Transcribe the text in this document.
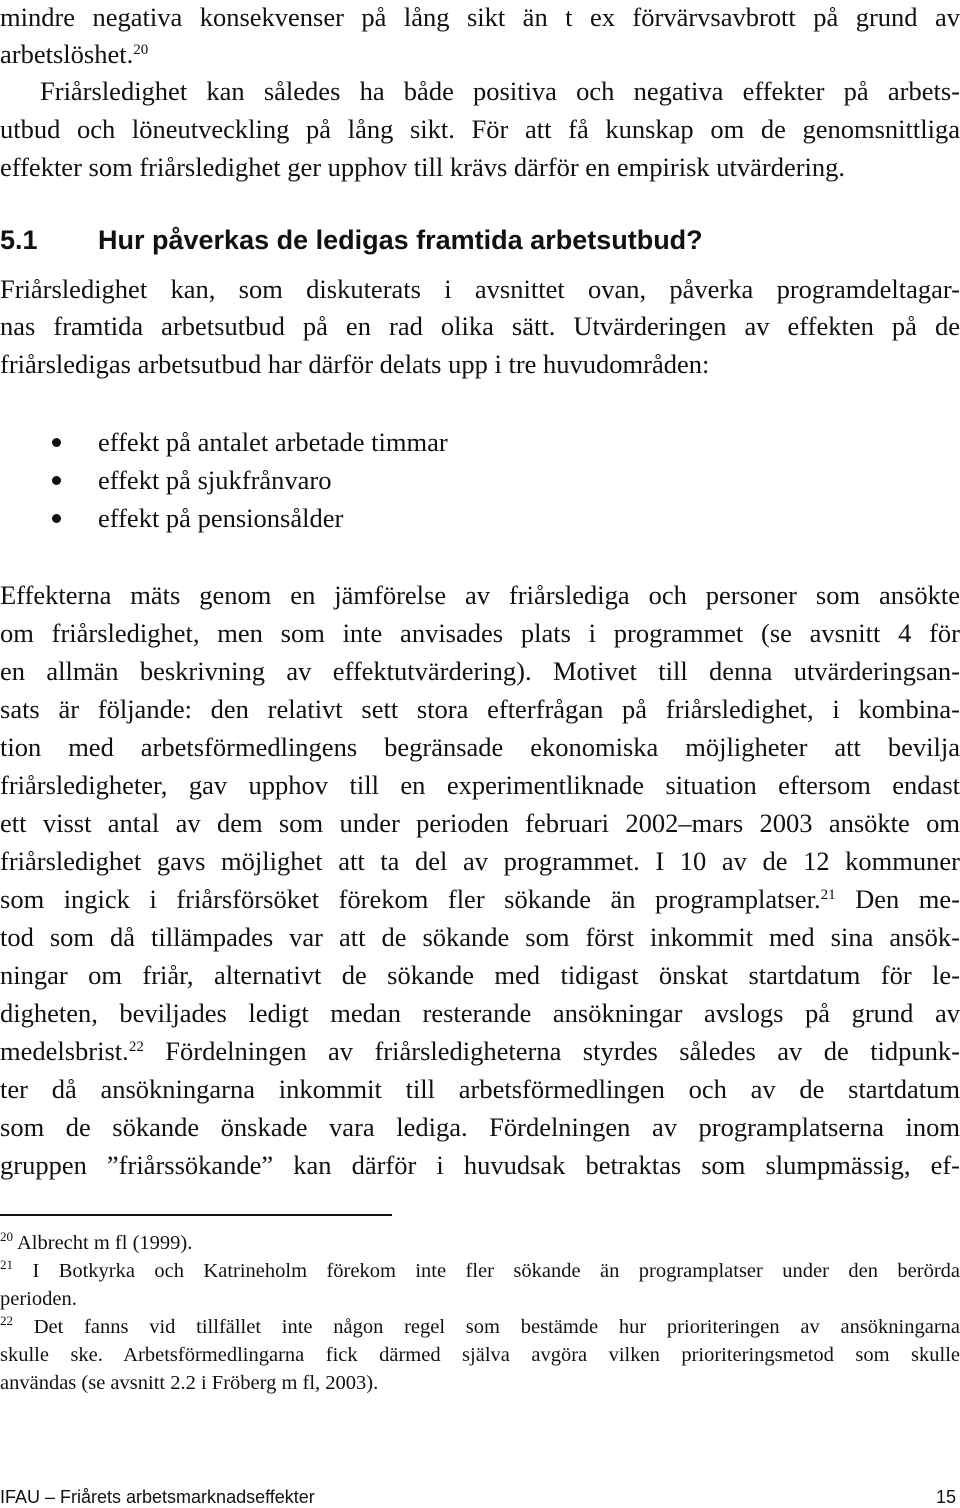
mindre negativa konsekvenser på lång sikt än t ex förvärvsavbrott på grund av
arbetslöshet.$^{20}$
Friårsledighet kan således ha både positiva och negativa effekter på arbets-
utbud och löneutveckling på lång sikt. För att få kunskap om de genomsnittliga
effekter som friårsledighet ger upphov till krävs därför en empirisk utvärdering.
5.1 Hur påverkas de ledigas framtida arbetsutbud?
Friårsledighet kan, som diskuterats i avsnittet ovan, påverka programdeltagar-
nas framtida arbetsutbud på en rad olika sätt. Utvärderingen av effekten på de
friårsledigas arbetsutbud har därför delats upp i tre huvudområden:
effekt på antalet arbetade timmar
effekt på sjukfrånvaro
effekt på pensionsålder
Effekterna mäts genom en jämförelse av friårslediga och personer som ansökte
om friårsledighet, men som inte anvisades plats i programmet (se avsnitt 4 för
en allmän beskrivning av effektutvärdering). Motivet till denna utvärderingsan-
sats är följande: den relativt sett stora efterfrågan på friårsledighet, i kombina-
tion med arbetsförmedlingens begränsade ekonomiska möjligheter att bevilja
friårsledigheter, gav upphov till en experimentliknade situation eftersom endast
ett visst antal av dem som under perioden februari 2002–mars 2003 ansökte om
friårsledighet gavs möjlighet att ta del av programmet. I 10 av de 12 kommuner
som ingick i friårsförsöket förekom fler sökande än programplatser.$^{21}$ Den me-
tod som då tillämpades var att de sökande som först inkommit med sina ansök-
ningar om friår, alternativt de sökande med tidigast önskat startdatum för le-
digheten, beviljades ledigt medan resterande ansökningar avslogs på grund av
medelsbrist.$^{22}$ Fördelningen av friårsledigheterna styrdes således av de tidpunk-
ter då ansökningarna inkommit till arbetsförmedlingen och av de startdatum
som de sökande önskade vara lediga. Fördelningen av programplatserna inom
gruppen ”friårssökande” kan därför i huvudsak betraktas som slumpmässig, ef-
$^{20}$ Albrecht m fl (1999).
$^{21}$ I Botkyrka och Katrineholm förekom inte fler sökande än programplatser under den berörda
perioden.
$^{22}$ Det fanns vid tillfället inte någon regel som bestämde hur prioriteringen av ansökningarna
skulle ske. Arbetsförmedlingarna fick därmed själva avgöra vilken prioriteringsmetod som skulle
användas (se avsnitt 2.2 i Fröberg m fl, 2003).
IFAU – Friårets arbetsmarknadseffekter	15
